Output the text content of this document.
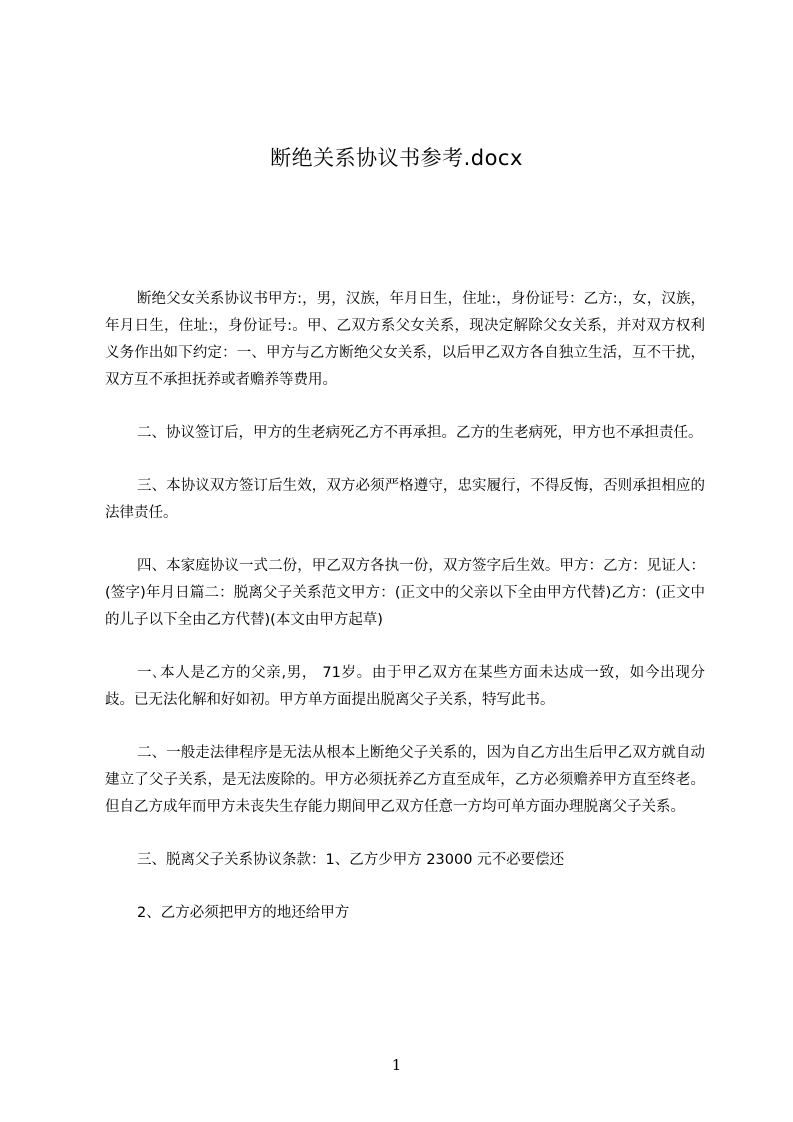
断绝关系协议书参考.docx

断绝父女关系协议书甲方:，男，汉族，年月日生，住址:，身份证号：乙方:，女，汉族，年月日生，住址:，身份证号:。甲、乙双方系父女关系，现决定解除父女关系，并对双方权利义务作出如下约定：一、甲方与乙方断绝父女关系，以后甲乙双方各自独立生活，互不干扰，双方互不承担抚养或者赡养等费用。

二、协议签订后，甲方的生老病死乙方不再承担。乙方的生老病死，甲方也不承担责任。

三、本协议双方签订后生效，双方必须严格遵守，忠实履行，不得反悔，否则承担相应的法律责任。

四、本家庭协议一式二份，甲乙双方各执一份，双方签字后生效。甲方：乙方：见证人：(签字)年月日篇二：脱离父子关系范文甲方：(正文中的父亲以下全由甲方代替)乙方：(正文中的儿子以下全由乙方代替)(本文由甲方起草)

一､本人是乙方的父亲,男， 71岁。由于甲乙双方在某些方面未达成一致，如今出现分歧。已无法化解和好如初。甲方单方面提出脱离父子关系，特写此书。

二、一般走法律程序是无法从根本上断绝父子关系的，因为自乙方出生后甲乙双方就自动建立了父子关系，是无法废除的。甲方必须抚养乙方直至成年，乙方必须赡养甲方直至终老。但自乙方成年而甲方未丧失生存能力期间甲乙双方任意一方均可单方面办理脱离父子关系。

三、脱离父子关系协议条款：1、乙方少甲方 23000 元不必要偿还

2、乙方必须把甲方的地还给甲方

1
